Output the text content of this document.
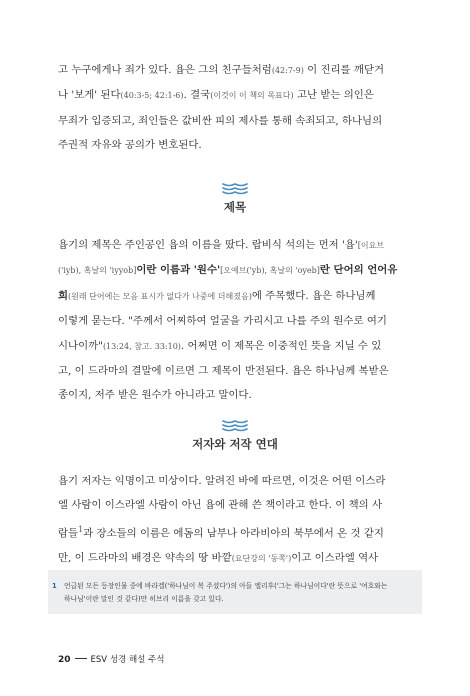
고 누구에게나 죄가 있다. 욥은 그의 친구들처럼(42:7-9) 이 진리를 깨닫거
나 '보게' 된다(40:3-5; 42:1-6). 결국(이것이 이 책의 목표다) 고난 받는 의인은
무죄가 입증되고, 죄인들은 값비싼 피의 제사를 통해 속죄되고, 하나님의
주권적 자유와 공의가 변호된다.
제목
욥기의 제목은 주인공인 욥의 이름을 땄다. 랍비식 석의는 먼저 '욥'[이요브
('iyb), 혹날의 'iyyob]이란 이름과 '원수'[오예브('yb), 혹날의 'oyeb]란 단어의 언어유
희(원래 단어에는 모음 표시가 없다가 나중에 더해졌음)에 주목했다. 욥은 하나님께
이렇게 묻는다. "주께서 어찌하여 얼굴을 가리시고 나를 주의 원수로 여기
시나이까"(13:24, 참고. 33:10). 어쩌면 이 제목은 이중적인 뜻을 지닐 수 있
고, 이 드라마의 결말에 이르면 그 제목이 반전된다. 욥은 하나님께 복받은
종이지, 저주 받은 원수가 아니라고 말이다.
저자와 저작 연대
욥기 저자는 익명이고 미상이다. 알려진 바에 따르면, 이것은 어떤 이스라
엘 사람이 이스라엘 사람이 아닌 욥에 관해 쓴 책이라고 한다. 이 책의 사
람들$^1$과 장소들의 이름은 에돔의 남부나 아라비아의 북부에서 온 것 같지
만, 이 드라마의 배경은 약속의 땅 바깥(요단강의 '동쪽')이고 이스라엘 역사
1 언급된 모든 등장인물 중에 바라겔('하나님이 복 주셨다')의 아들 엘리후('그는 하나님이다'란 뜻으로 '여호와는
하나님'이란 말인 것 같다)만 히브리 이름을 갖고 있다.
20 ESV 성경 해설 주석
